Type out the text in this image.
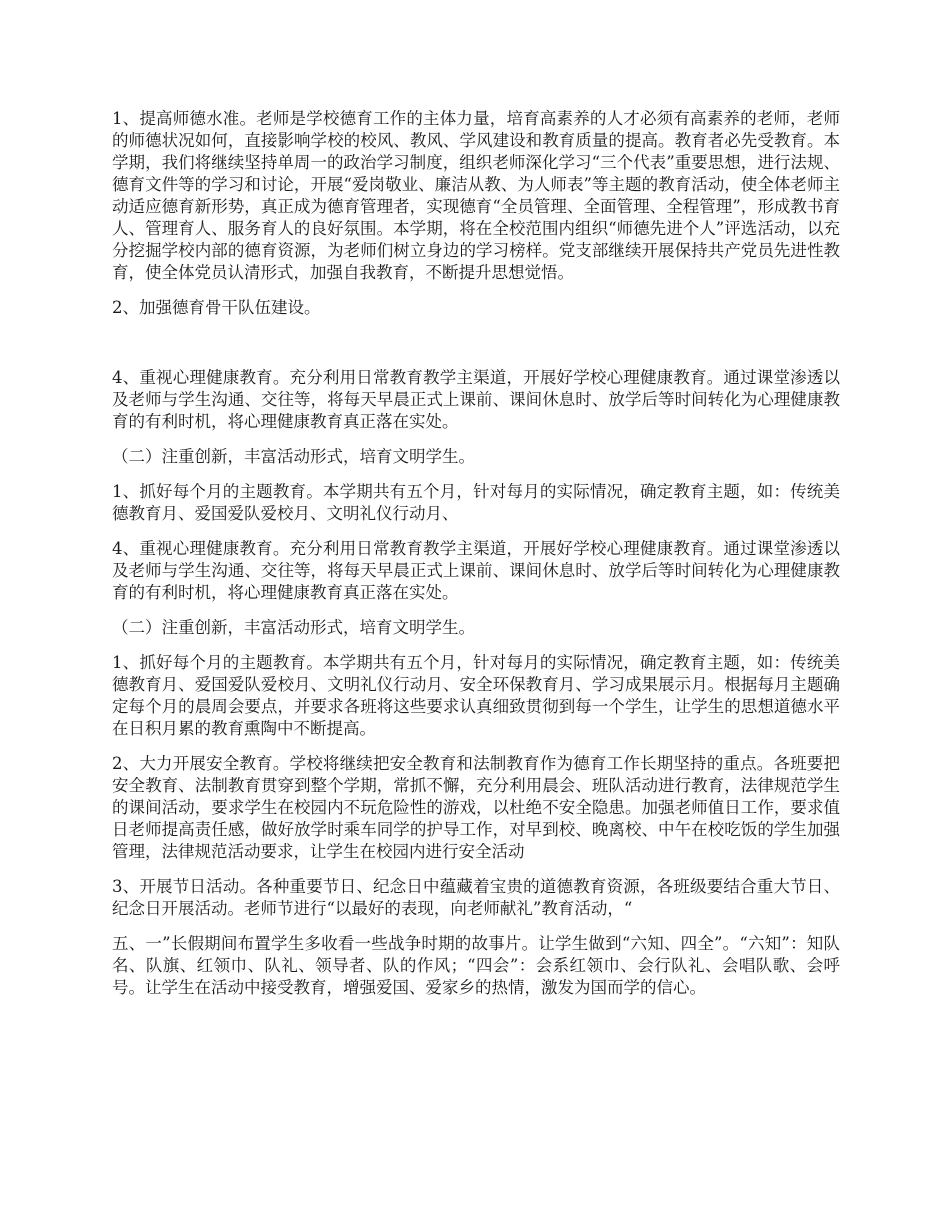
1、提高师德水准。老师是学校德育工作的主体力量，培育高素养的人才必须有高素养的老师，老师的师德状况如何，直接影响学校的校风、教风、学风建设和教育质量的提高。教育者必先受教育。本学期，我们将继续坚持单周一的政治学习制度，组织老师深化学习“三个代表”重要思想，进行法规、德育文件等的学习和讨论，开展“爱岗敬业、廉洁从教、为人师表”等主题的教育活动，使全体老师主动适应德育新形势，真正成为德育管理者，实现德育“全员管理、全面管理、全程管理”，形成教书育人、管理育人、服务育人的良好氛围。本学期，将在全校范围内组织“师德先进个人”评选活动，以充分挖掘学校内部的德育资源，为老师们树立身边的学习榜样。党支部继续开展保持共产党员先进性教育，使全体党员认清形式，加强自我教育，不断提升思想觉悟。

2、加强德育骨干队伍建设。

4、重视心理健康教育。充分利用日常教育教学主渠道，开展好学校心理健康教育。通过课堂渗透以及老师与学生沟通、交往等，将每天早晨正式上课前、课间休息时、放学后等时间转化为心理健康教育的有利时机，将心理健康教育真正落在实处。

（二）注重创新，丰富活动形式，培育文明学生。

1、抓好每个月的主题教育。本学期共有五个月，针对每月的实际情况，确定教育主题，如：传统美德教育月、爱国爱队爱校月、文明礼仪行动月、

4、重视心理健康教育。充分利用日常教育教学主渠道，开展好学校心理健康教育。通过课堂渗透以及老师与学生沟通、交往等，将每天早晨正式上课前、课间休息时、放学后等时间转化为心理健康教育的有利时机，将心理健康教育真正落在实处。

（二）注重创新，丰富活动形式，培育文明学生。

1、抓好每个月的主题教育。本学期共有五个月，针对每月的实际情况，确定教育主题，如：传统美德教育月、爱国爱队爱校月、文明礼仪行动月、安全环保教育月、学习成果展示月。根据每月主题确定每个月的晨周会要点，并要求各班将这些要求认真细致贯彻到每一个学生，让学生的思想道德水平在日积月累的教育熏陶中不断提高。

2、大力开展安全教育。学校将继续把安全教育和法制教育作为德育工作长期坚持的重点。各班要把安全教育、法制教育贯穿到整个学期，常抓不懈，充分利用晨会、班队活动进行教育，法律规范学生的课间活动，要求学生在校园内不玩危险性的游戏，以杜绝不安全隐患。加强老师值日工作，要求值日老师提高责任感，做好放学时乘车同学的护导工作，对早到校、晚离校、中午在校吃饭的学生加强管理，法律规范活动要求，让学生在校园内进行安全活动

3、开展节日活动。各种重要节日、纪念日中蕴藏着宝贵的道德教育资源，各班级要结合重大节日、纪念日开展活动。老师节进行“以最好的表现，向老师献礼”教育活动，“

五、一”长假期间布置学生多收看一些战争时期的故事片。让学生做到“六知、四全”。“六知”：知队名、队旗、红领巾、队礼、领导者、队的作风；“四会”：会系红领巾、会行队礼、会唱队歌、会呼号。让学生在活动中接受教育，增强爱国、爱家乡的热情，激发为国而学的信心。
